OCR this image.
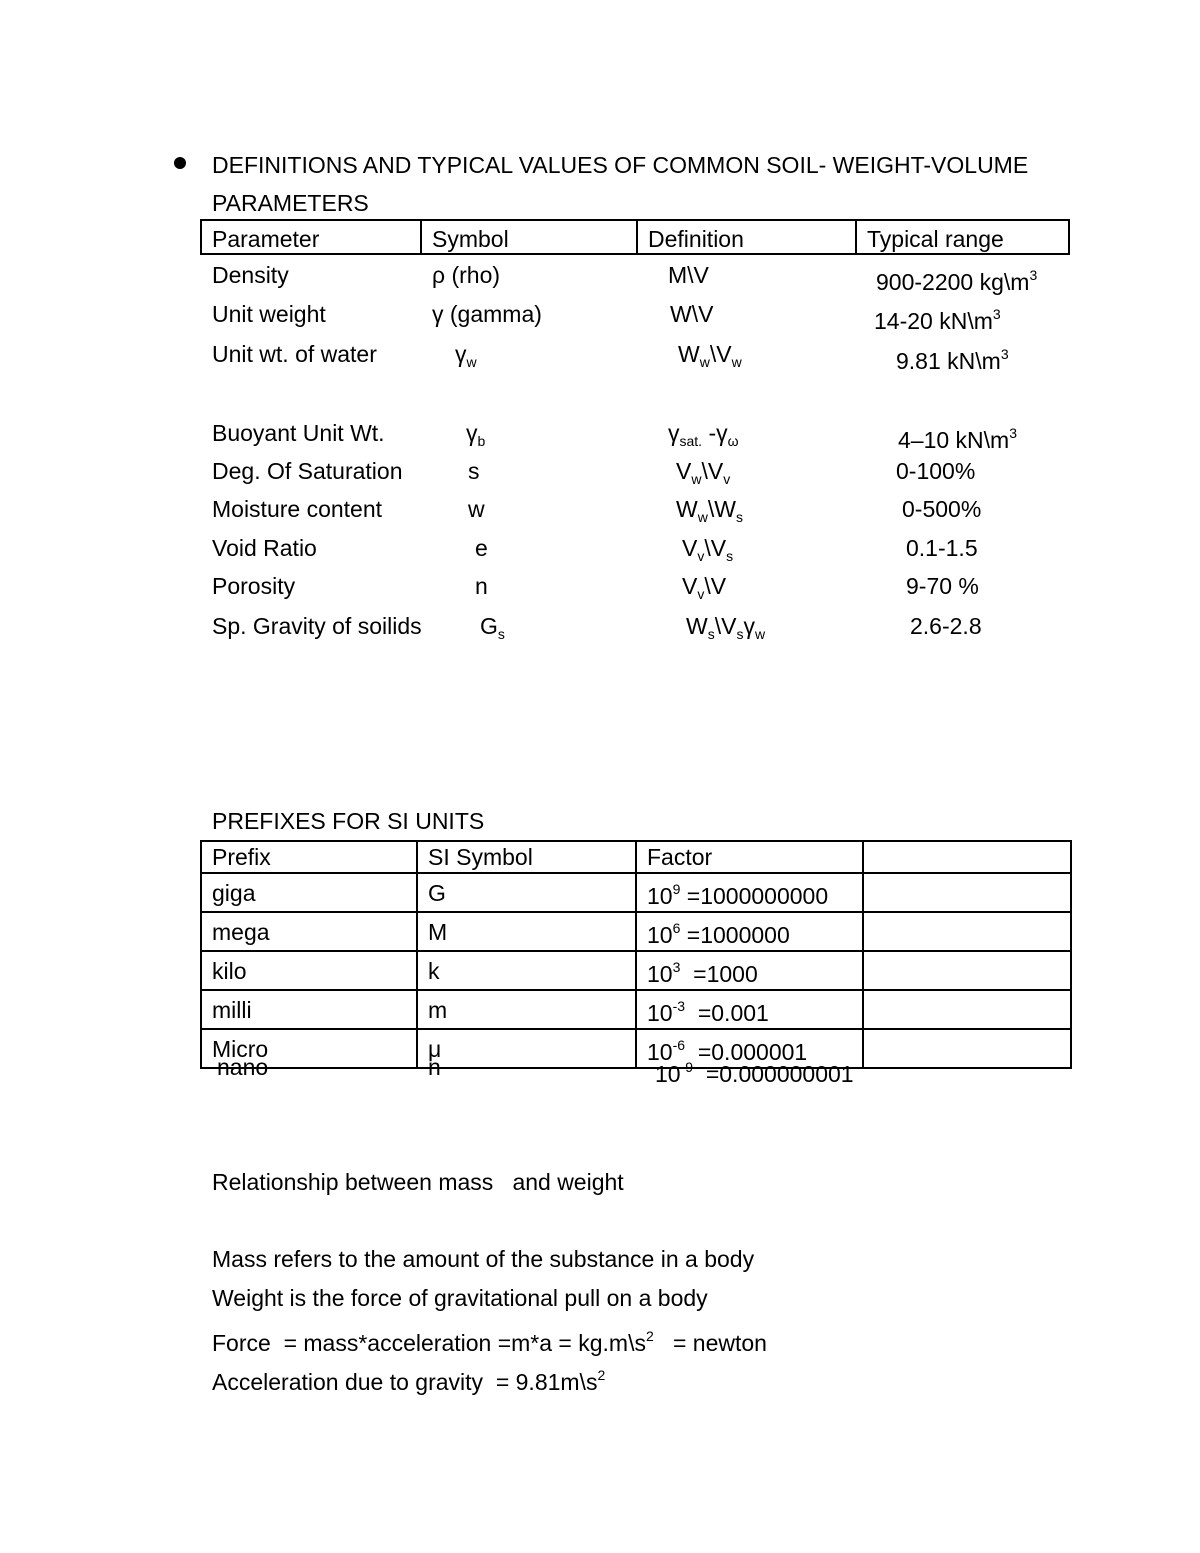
DEFINITIONS AND TYPICAL VALUES OF COMMON SOIL- WEIGHT-VOLUME PARAMETERS
Parameter	Symbol	Definition	Typical range
Density	ρ (rho)	M\V	900-2200 $kg\backslash m^3$
Unit weight	γ (gamma)	W\V	14-20 $kN\backslash m^3$
Unit wt. of water	$\gamma_w$	$W_w\backslash V_w$	9.81 $kN\backslash m^3$
Buoyant Unit Wt.	$\gamma_b$	$\gamma_{sat.}$ $-\gamma_\omega$	4–10 $kN\backslash m^3$
Deg. Of Saturation	s	$V_w\backslash V_v$	0-100%
Moisture content	w	$W_w\backslash W_s$	0-500%
Void Ratio	e	$V_v\backslash V_s$	0.1-1.5
Porosity	n	$V_v\backslash V$	9-70 %
Sp. Gravity of soilids	$G_s$	$W_s\backslash V_s\gamma_w$	2.6-2.8
PREFIXES FOR SI UNITS
Prefix	SI Symbol	Factor	
giga	G	$10^9 =1000000000$	
mega	M	$10^6 =1000000$	
kilo	k	$10^3 =1000$	
milli	m	$10^{-3} =0.001$	
Micro	μ	$10^{-6} =0.000001$	
nano	n	$10^{-9} =0.000000001$
Relationship between mass   and weight
Mass refers to the amount of the substance in a body
Weight is the force of gravitational pull on a body
Force  = mass*acceleration $=m*a = kg.m\backslash s^2$   = newton
Acceleration due to gravity  = $9.81m\backslash s^2$
